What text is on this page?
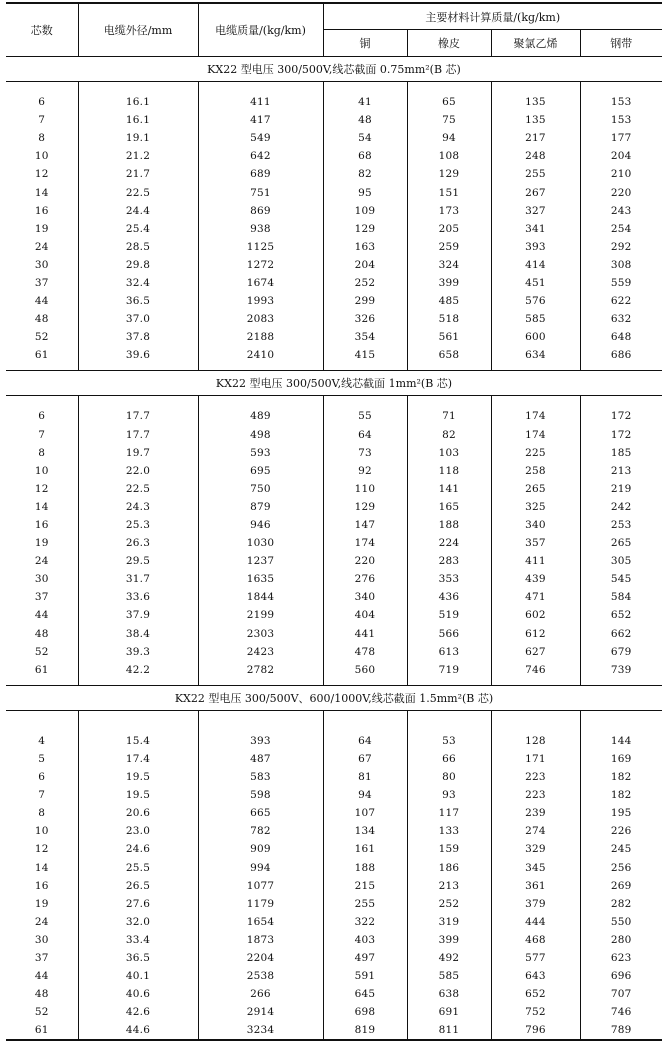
芯数	电缆外径/mm	电缆质量/(kg/km)	主要材料计算质量/(kg/km)			
			铜	橡皮	聚氯乙烯	钢带
KX22 型电压 300/500V,线芯截面 0.75mm²(B 芯)						

6	16.1	411	41	65	135	153
7	16.1	417	48	75	135	153
8	19.1	549	54	94	217	177
10	21.2	642	68	108	248	204
12	21.7	689	82	129	255	210
14	22.5	751	95	151	267	220
16	24.4	869	109	173	327	243
19	25.4	938	129	205	341	254
24	28.5	1125	163	259	393	292
30	29.8	1272	204	324	414	308
37	32.4	1674	252	399	451	559
44	36.5	1993	299	485	576	622
48	37.0	2083	326	518	585	632
52	37.8	2188	354	561	600	648
61	39.6	2410	415	658	634	686

KX22 型电压 300/500V,线芯截面 1mm²(B 芯)						

6	17.7	489	55	71	174	172
7	17.7	498	64	82	174	172
8	19.7	593	73	103	225	185
10	22.0	695	92	118	258	213
12	22.5	750	110	141	265	219
14	24.3	879	129	165	325	242
16	25.3	946	147	188	340	253
19	26.3	1030	174	224	357	265
24	29.5	1237	220	283	411	305
30	31.7	1635	276	353	439	545
37	33.6	1844	340	436	471	584
44	37.9	2199	404	519	602	652
48	38.4	2303	441	566	612	662
52	39.3	2423	478	613	627	679
61	42.2	2782	560	719	746	739

KX22 型电压 300/500V、600/1000V,线芯截面 1.5mm²(B 芯)						

4	15.4	393	64	53	128	144
5	17.4	487	67	66	171	169
6	19.5	583	81	80	223	182
7	19.5	598	94	93	223	182
8	20.6	665	107	117	239	195
10	23.0	782	134	133	274	226
12	24.6	909	161	159	329	245
14	25.5	994	188	186	345	256
16	26.5	1077	215	213	361	269
19	27.6	1179	255	252	379	282
24	32.0	1654	322	319	444	550
30	33.4	1873	403	399	468	280
37	36.5	2204	497	492	577	623
44	40.1	2538	591	585	643	696
48	40.6	266	645	638	652	707
52	42.6	2914	698	691	752	746
61	44.6	3234	819	811	796	789
